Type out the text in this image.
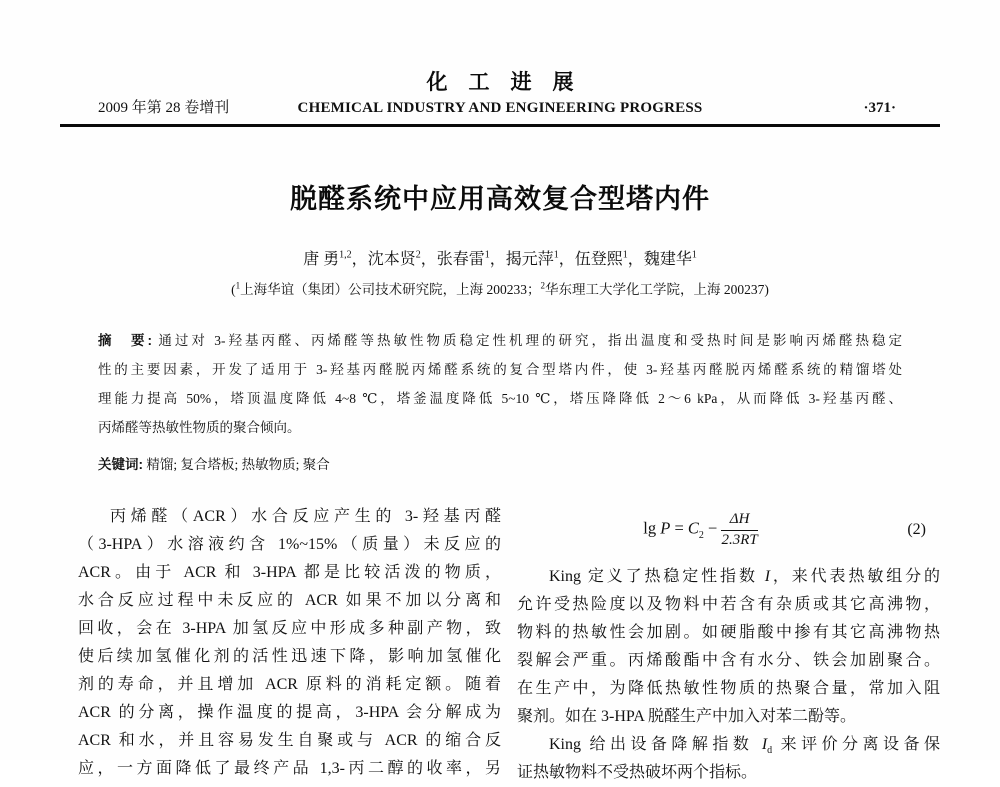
化　工　进　展
2009 年第 28 卷增刊	CHEMICAL INDUSTRY AND ENGINEERING PROGRESS	·371·
脱醛系统中应用高效复合型塔内件
唐 勇$^{1,2}$，沈本贤$^2$，张春雷$^1$，揭元萍$^1$，伍登熙$^1$，魏建华$^1$
($^1$上海华谊（集团）公司技术研究院，上海 200233；$^2$华东理工大学化工学院，上海 200237)
摘　要: 通过对 3-羟基丙醛、丙烯醛等热敏性物质稳定性机理的研究，指出温度和受热时间是影响丙烯醛热稳定
性的主要因素，开发了适用于 3-羟基丙醛脱丙烯醛系统的复合型塔内件，使 3-羟基丙醛脱丙烯醛系统的精馏塔处
理能力提高 50%，塔顶温度降低 4~8 ℃，塔釜温度降低 5~10 ℃，塔压降降低 2～6 kPa，从而降低 3-羟基丙醛、
丙烯醛等热敏性物质的聚合倾向。
关键词: 精馏; 复合塔板; 热敏物质; 聚合
丙烯醛（ACR）水合反应产生的 3-羟基丙醛
（3-HPA）水溶液约含 1%~15%（质量）未反应的
ACR。由于 ACR 和 3-HPA 都是比较活泼的物质，
水合反应过程中未反应的 ACR 如果不加以分离和
回收，会在 3-HPA 加氢反应中形成多种副产物，致
使后续加氢催化剂的活性迅速下降，影响加氢催化
剂的寿命，并且增加 ACR 原料的消耗定额。随着
ACR 的分离，操作温度的提高，3-HPA 会分解成为
ACR 和水，并且容易发生自聚或与 ACR 的缩合反
应，一方面降低了最终产品 1,3-丙二醇的收率，另
$\lg P = C_2 - \frac{\Delta H}{2.3RT}$	(2)
King 定义了热稳定性指数 I，来代表热敏组分的
允许受热险度以及物料中若含有杂质或其它高沸物，
物料的热敏性会加剧。如硬脂酸中掺有其它高沸物热
裂解会严重。丙烯酸酯中含有水分、铁会加剧聚合。
在生产中，为降低热敏性物质的热聚合量，常加入阻
聚剂。如在 3-HPA 脱醛生产中加入对苯二酚等。
King 给出设备降解指数 $I_d$ 来评价分离设备保
证热敏物料不受热破坏两个指标。
